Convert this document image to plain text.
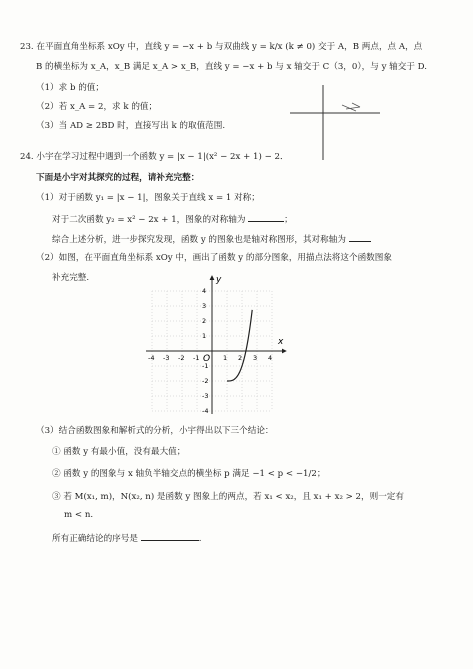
23. 在平面直角坐标系 xOy 中，直线 y = −x + b 与双曲线 y = k/x (k ≠ 0) 交于 A，B 两点，点 A，点
B 的横坐标为 x_A，x_B 满足 x_A > x_B，直线 y = −x + b 与 x 轴交于 C（3，0），与 y 轴交于 D.
（1）求 b 的值；
（2）若 x_A = 2，求 k 的值；
（3）当 AD ≥ 2BD 时，直接写出 k 的取值范围.
24. 小宇在学习过程中遇到一个函数 y = |x − 1|(x² − 2x + 1) − 2．
下面是小宇对其探究的过程，请补充完整：
（1）对于函数 y₁ = |x − 1|，图象关于直线 x = 1 对称；
对于二次函数 y₂ = x² − 2x + 1，图象的对称轴为	；
综合上述分析，进一步探究发现，函数 y 的图象也是轴对称图形，其对称轴为
（2）如图，在平面直角坐标系 xOy 中，画出了函数 y 的部分图象，用描点法将这个函数图象
补充完整.
x
y
O
-4 -3 -2 -1	1 2 3 4
4
3
2
1
-1
-2
-3
-4
（3）结合函数图象和解析式的分析，小宇得出以下三个结论：
① 函数 y 有最小值，没有最大值；
② 函数 y 的图象与 x 轴负半轴交点的横坐标 p 满足 −1 < p < −1/2；
③ 若 M(x₁, m)，N(x₂, n) 是函数 y 图象上的两点，若 x₁ < x₂，且 x₁ + x₂ > 2，则一定有
m < n.
所有正确结论的序号是	.
